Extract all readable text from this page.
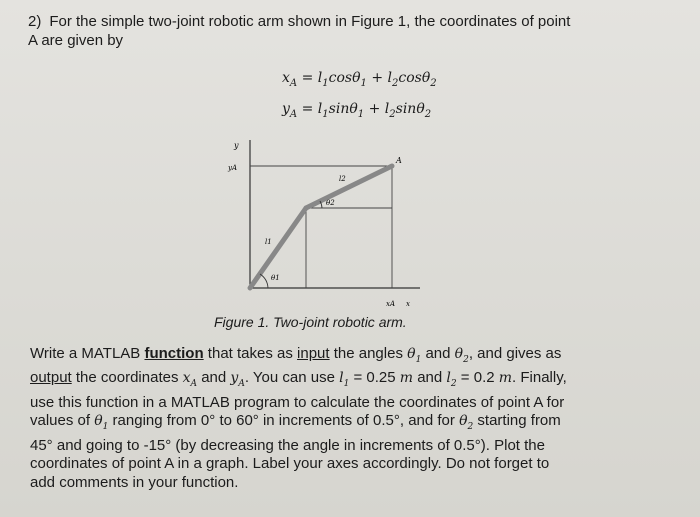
2) For the simple two-joint robotic arm shown in Figure 1, the coordinates of point
A are given by
$x_A = l_1\cos\theta_1 + l_2\cos\theta_2$
$y_A = l_1\sin\theta_1 + l_2\sin\theta_2$
y
yA
A
l1
l2
θ1
θ2
xA x
Figure 1. Two-joint robotic arm.
Write a MATLAB function that takes as input the angles $\theta_1$ and $\theta_2$, and gives as
output the coordinates $x_A$ and $y_A$. You can use $l_1 = 0.25$ m and $l_2 = 0.2$ m. Finally,
use this function in a MATLAB program to calculate the coordinates of point A for
values of $\theta_1$ ranging from 0° to 60° in increments of 0.5°, and for $\theta_2$ starting from
45° and going to -15° (by decreasing the angle in increments of 0.5°). Plot the
coordinates of point A in a graph. Label your axes accordingly. Do not forget to
add comments in your function.
